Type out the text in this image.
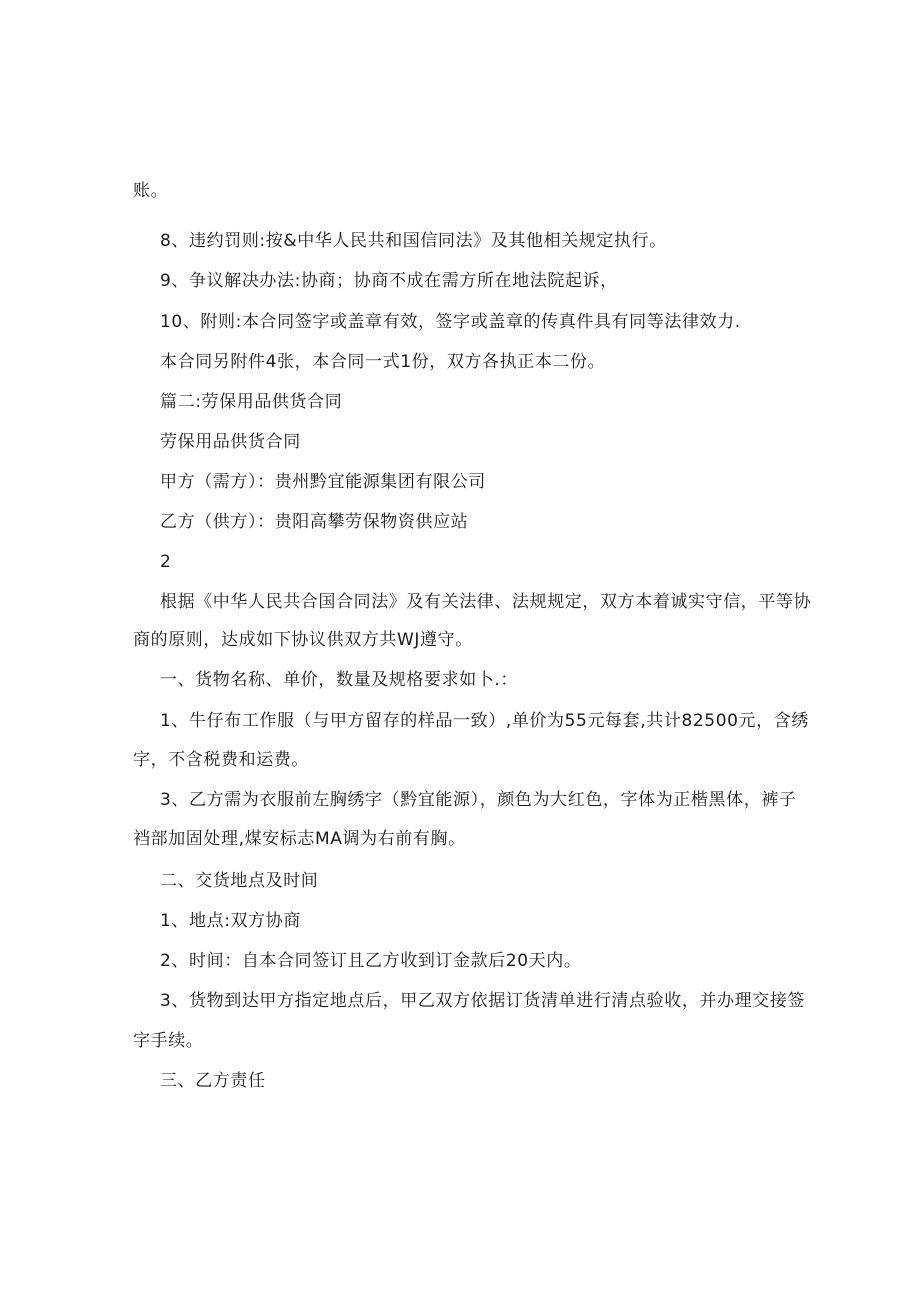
账。

8、违约罚则:按&中华人民共和国信同法》及其他相关规定执行。

9、争议解决办法:协商；协商不成在需方所在地法院起诉，

10、附则:本合同签字或盖章有效，签字或盖章的传真件具有同等法律效力.

本合同另附件4张，本合同一式1份，双方各执正本二份。

篇二:劳保用品供货合同

劳保用品供货合同

甲方（需方）：贵州黔宜能源集团有限公司

乙方（供方）：贵阳高攀劳保物资供应站

2

根据《中华人民共合国合同法》及有关法律、法规规定，双方本着诚实守信，平等协

商的原则，达成如下协议供双方共WJ遵守。

一、货物名称、单价，数量及规格要求如卜.：

1、牛仔布工作服（与甲方留存的样品一致）,单价为55元每套,共计82500元，含绣

字，不含税费和运费。

3、乙方需为衣服前左胸绣字（黔宜能源），颜色为大红色，字体为正楷黑体，裤子

裆部加固处理,煤安标志MA调为右前有胸。

二、交货地点及时间

1、地点:双方协商

2、时间：自本合同签订且乙方收到订金款后20天内。

3、货物到达甲方指定地点后，甲乙双方依据订货清单进行清点验收，并办理交接签

字手续。

三、乙方责任
